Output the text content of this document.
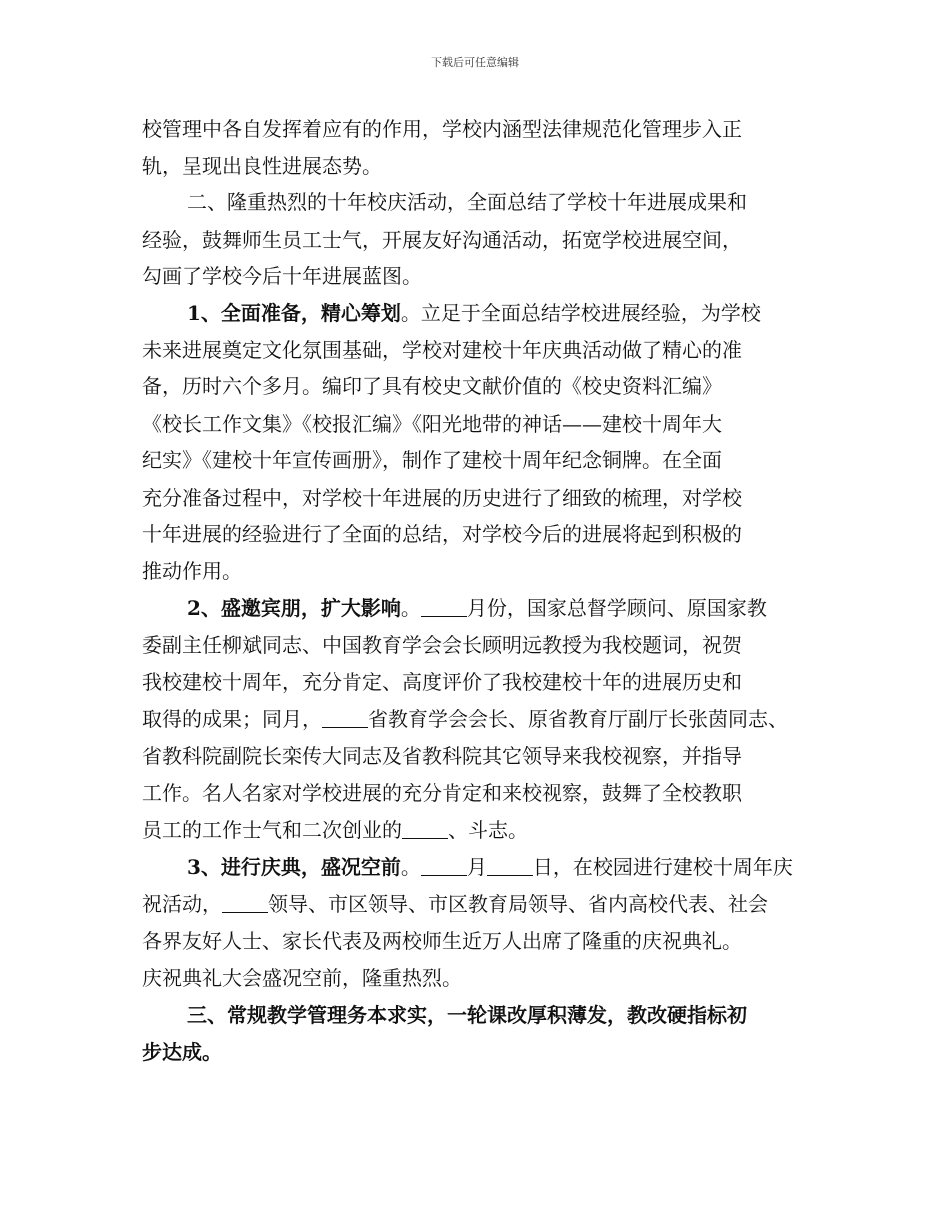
下载后可任意编辑
校管理中各自发挥着应有的作用，学校内涵型法律规范化管理步入正
轨，呈现出良性进展态势。
二、隆重热烈的十年校庆活动，全面总结了学校十年进展成果和
经验，鼓舞师生员工士气，开展友好沟通活动，拓宽学校进展空间，
勾画了学校今后十年进展蓝图。
1、全面准备，精心筹划。立足于全面总结学校进展经验，为学校
未来进展奠定文化氛围基础，学校对建校十年庆典活动做了精心的准
备，历时六个多月。编印了具有校史文献价值的《校史资料汇编》
《校长工作文集》《校报汇编》《阳光地带的神话——建校十周年大
纪实》《建校十年宣传画册》，制作了建校十周年纪念铜牌。在全面
充分准备过程中，对学校十年进展的历史进行了细致的梳理，对学校
十年进展的经验进行了全面的总结，对学校今后的进展将起到积极的
推动作用。
2、盛邀宾朋，扩大影响。 月份，国家总督学顾问、原国家教
委副主任柳斌同志、中国教育学会会长顾明远教授为我校题词，祝贺
我校建校十周年，充分肯定、高度评价了我校建校十年的进展历史和
取得的成果；同月， 省教育学会会长、原省教育厅副厅长张茵同志、
省教科院副院长栾传大同志及省教科院其它领导来我校视察，并指导
工作。名人名家对学校进展的充分肯定和来校视察，鼓舞了全校教职
员工的工作士气和二次创业的 、斗志。
3、进行庆典，盛况空前。 月 日，在校园进行建校十周年庆
祝活动， 领导、市区领导、市区教育局领导、省内高校代表、社会
各界友好人士、家长代表及两校师生近万人出席了隆重的庆祝典礼。
庆祝典礼大会盛况空前，隆重热烈。
三、常规教学管理务本求实，一轮课改厚积薄发，教改硬指标初
步达成。
